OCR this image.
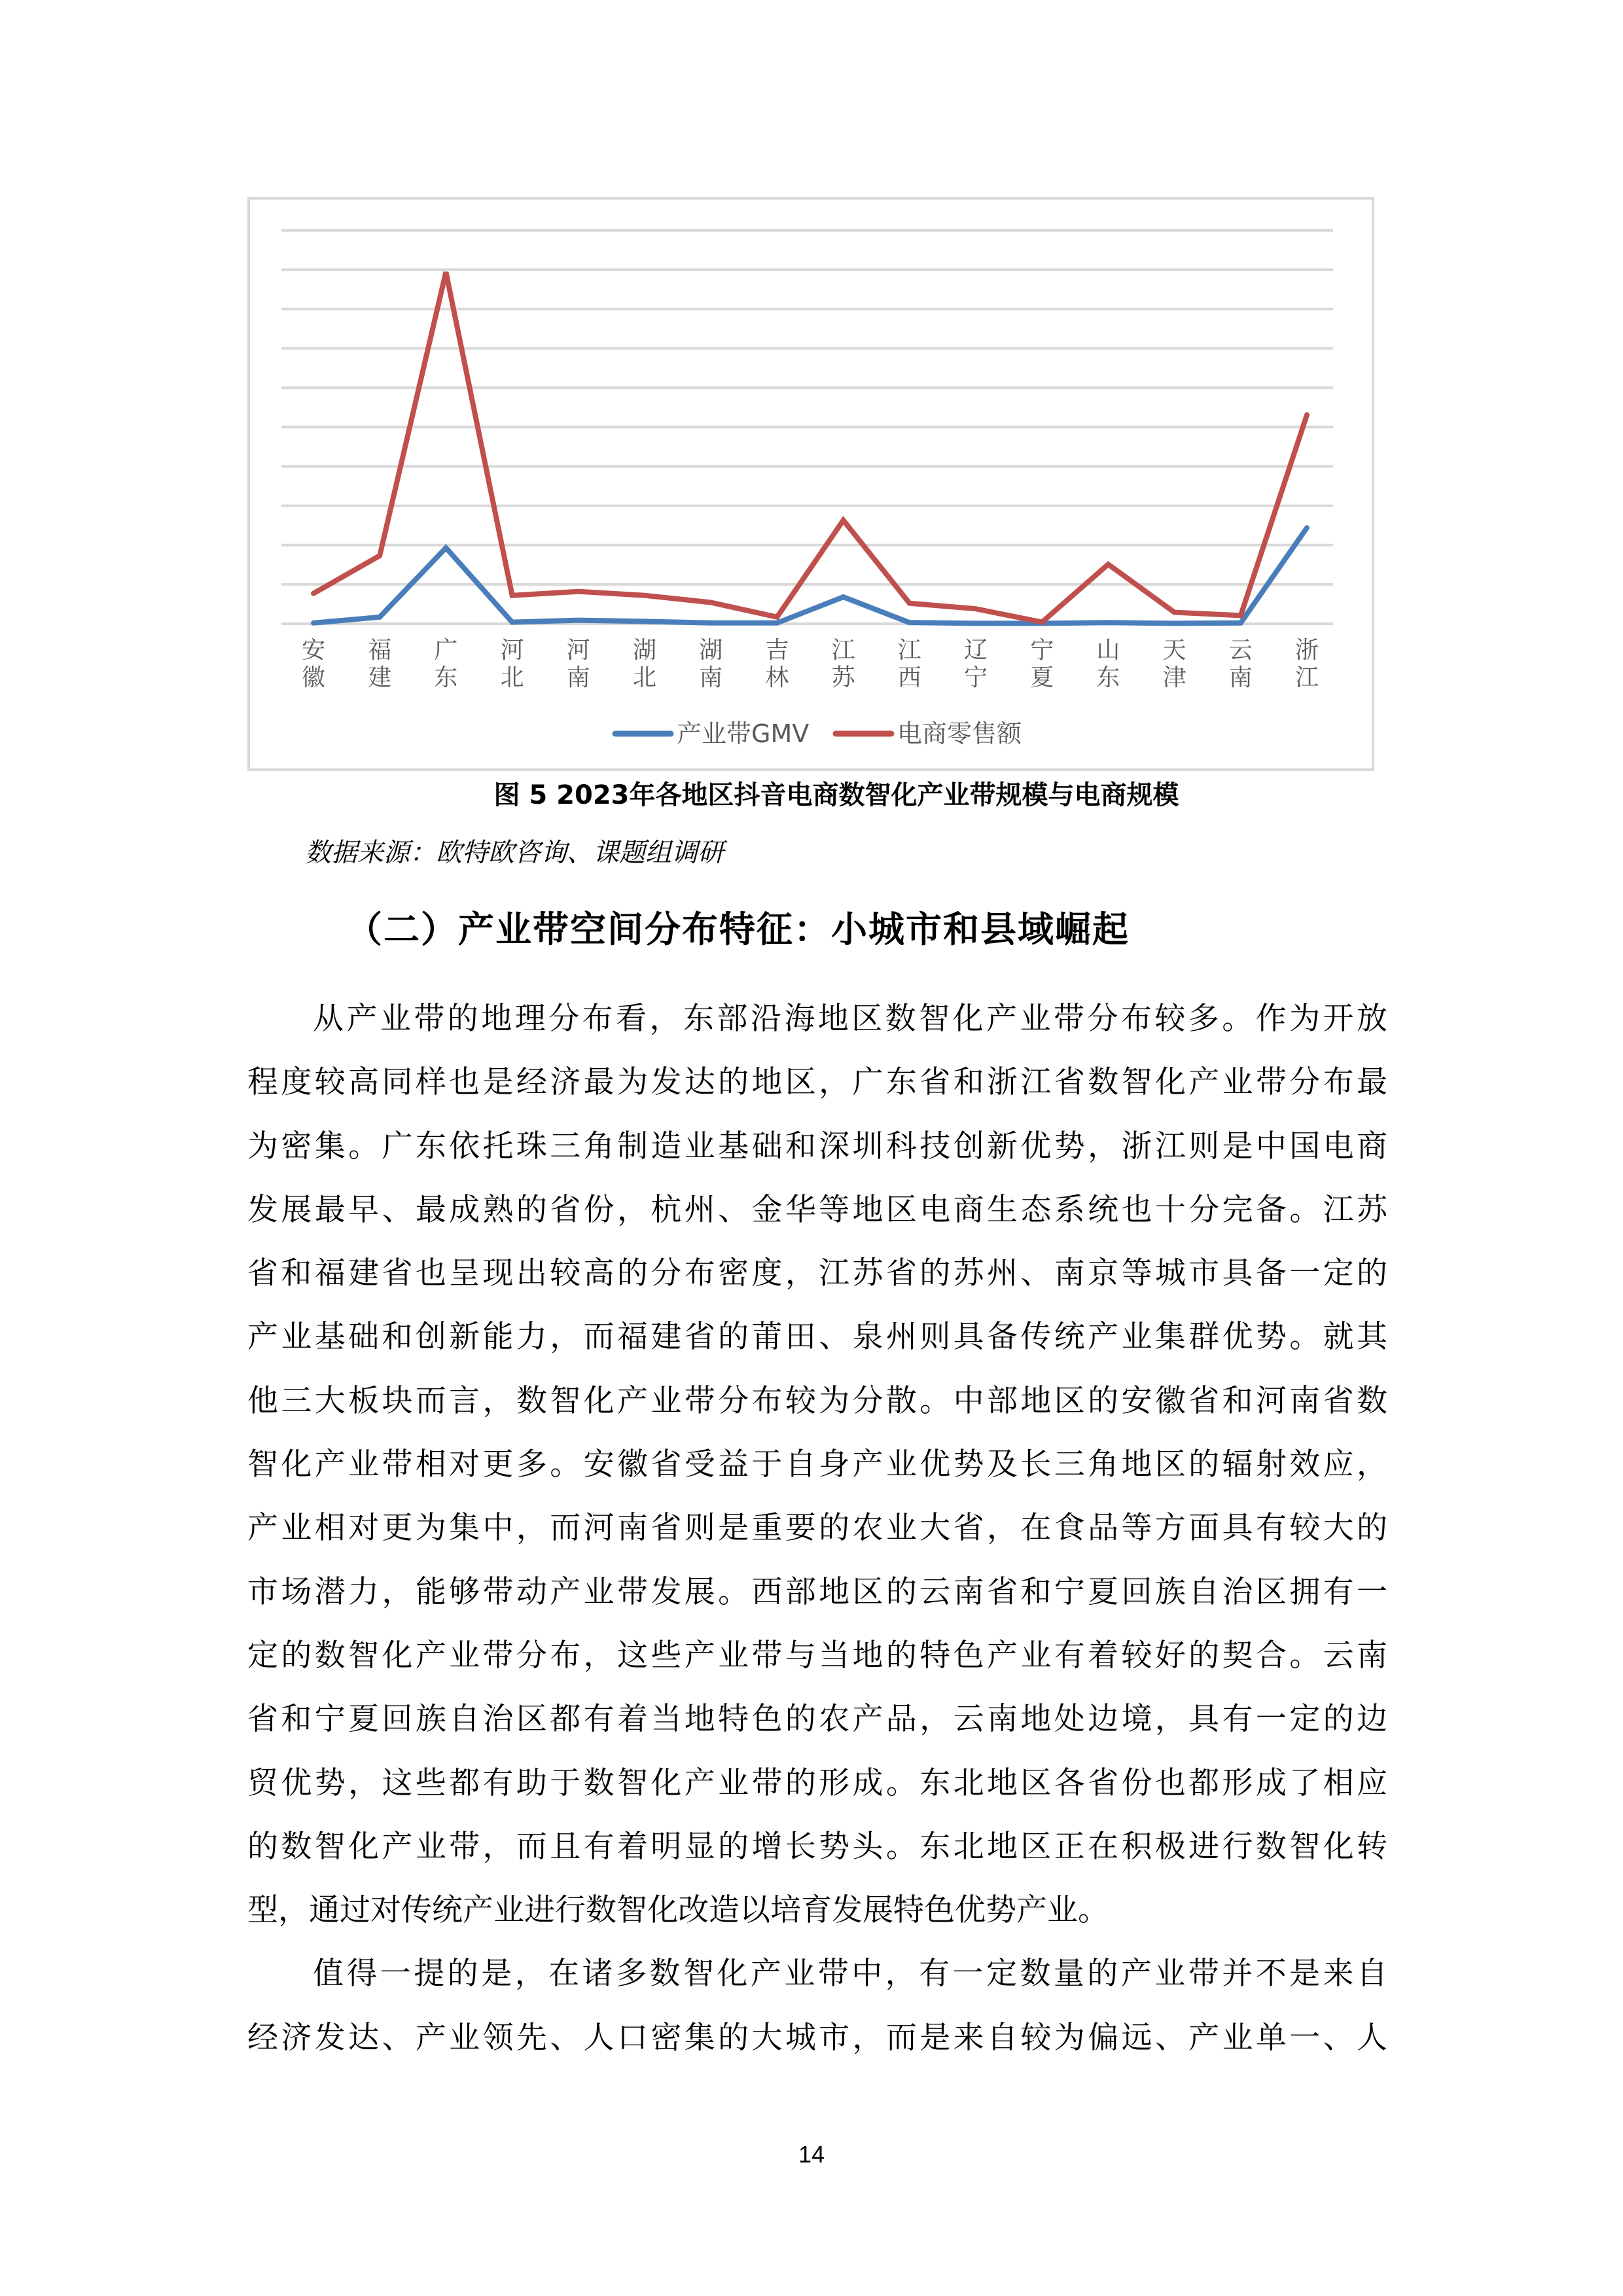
安
徽
福
建
广
东
河
北
河
南
湖
北
湖
南
吉
林
江
苏
江
西
辽
宁
宁
夏
山
东
天
津
云
南
浙
江
产业带GMV	电商零售额
图 5 2023年各地区抖音电商数智化产业带规模与电商规模
数据来源：欧特欧咨询、课题组调研
（二）产业带空间分布特征：小城市和县域崛起
从产业带的地理分布看，东部沿海地区数智化产业带分布较多。作为开放
程度较高同样也是经济最为发达的地区，广东省和浙江省数智化产业带分布最
为密集。广东依托珠三角制造业基础和深圳科技创新优势，浙江则是中国电商
发展最早、最成熟的省份，杭州、金华等地区电商生态系统也十分完备。江苏
省和福建省也呈现出较高的分布密度，江苏省的苏州、南京等城市具备一定的
产业基础和创新能力，而福建省的莆田、泉州则具备传统产业集群优势。就其
他三大板块而言，数智化产业带分布较为分散。中部地区的安徽省和河南省数
智化产业带相对更多。安徽省受益于自身产业优势及长三角地区的辐射效应，
产业相对更为集中，而河南省则是重要的农业大省，在食品等方面具有较大的
市场潜力，能够带动产业带发展。西部地区的云南省和宁夏回族自治区拥有一
定的数智化产业带分布，这些产业带与当地的特色产业有着较好的契合。云南
省和宁夏回族自治区都有着当地特色的农产品，云南地处边境，具有一定的边
贸优势，这些都有助于数智化产业带的形成。东北地区各省份也都形成了相应
的数智化产业带，而且有着明显的增长势头。东北地区正在积极进行数智化转
型，通过对传统产业进行数智化改造以培育发展特色优势产业。
值得一提的是，在诸多数智化产业带中，有一定数量的产业带并不是来自
经济发达、产业领先、人口密集的大城市，而是来自较为偏远、产业单一、人
14
